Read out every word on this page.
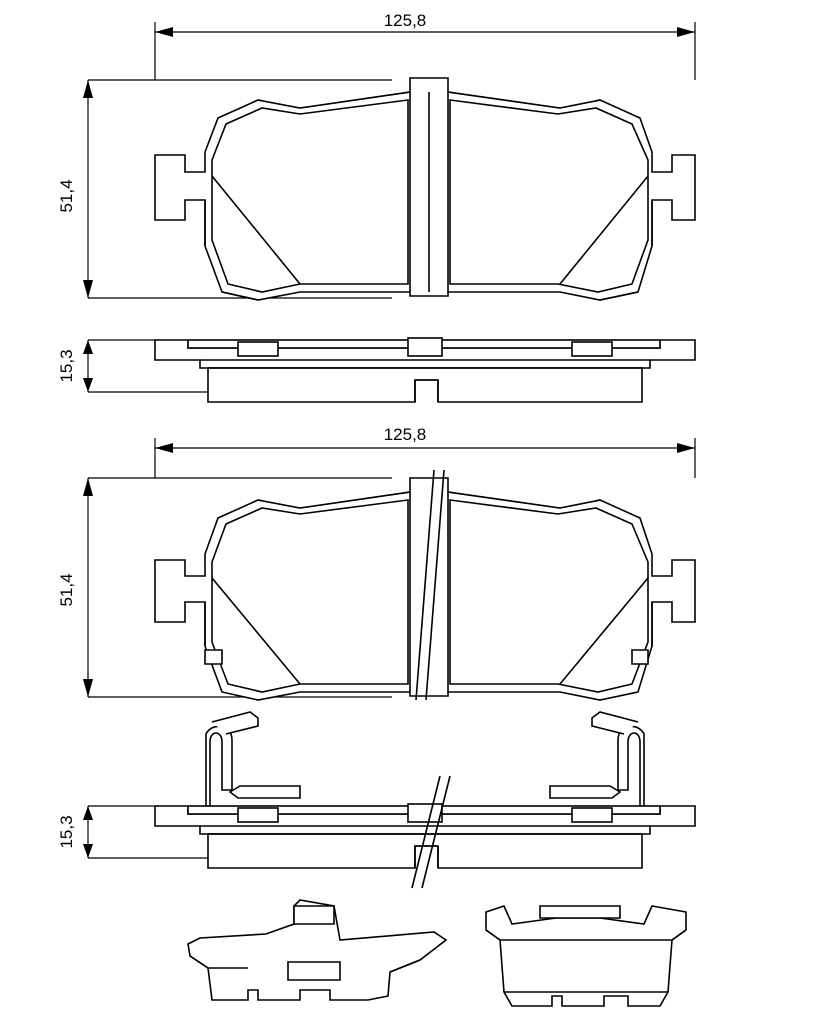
125,8
51,4
15,3
125,8
51,4
15,3
